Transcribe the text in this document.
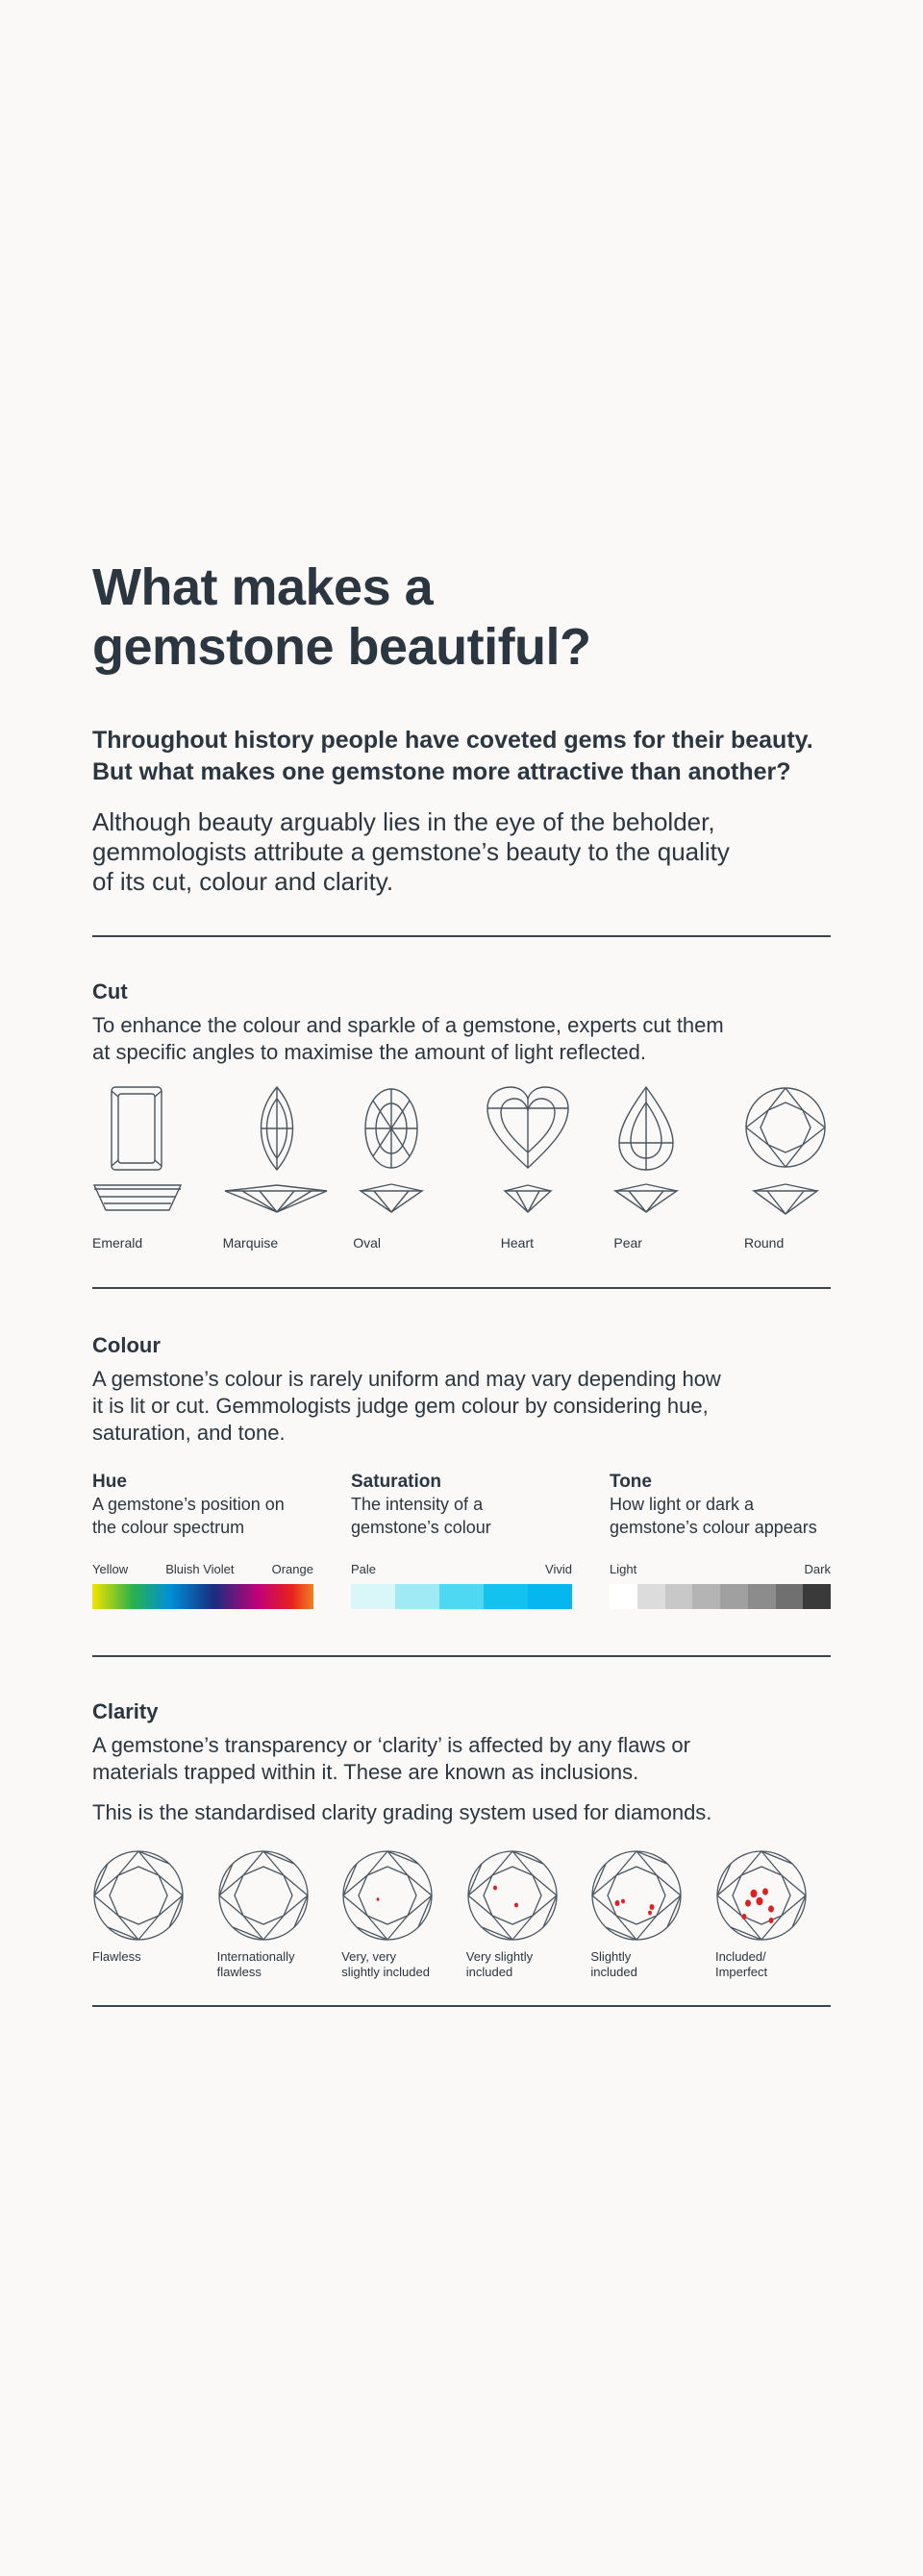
What makes a
gemstone beautiful?

Throughout history people have coveted gems for their beauty.
But what makes one gemstone more attractive than another?

Although beauty arguably lies in the eye of the beholder,
gemmologists attribute a gemstone’s beauty to the quality
of its cut, colour and clarity.

Cut

To enhance the colour and sparkle of a gemstone, experts cut them
at specific angles to maximise the amount of light reflected.

Emerald	Marquise	Oval	Heart	Pear	Round
Colour

A gemstone’s colour is rarely uniform and may vary depending how
it is lit or cut. Gemmologists judge gem colour by considering hue,
saturation, and tone.

Hue
A gemstone’s position on
the colour spectrum
Yellow	Bluish Violet	Orange
Saturation
The intensity of a
gemstone’s colour
Pale	Vivid
Tone
How light or dark a
gemstone’s colour appears
Light	Dark
Clarity

A gemstone’s transparency or ‘clarity’ is affected by any flaws or
materials trapped within it. These are known as inclusions.

This is the standardised clarity grading system used for diamonds.

Flawless	Internationally
flawless
Very, very
slightly included
Very slightly
included
Slightly
included
Included/
Imperfect
